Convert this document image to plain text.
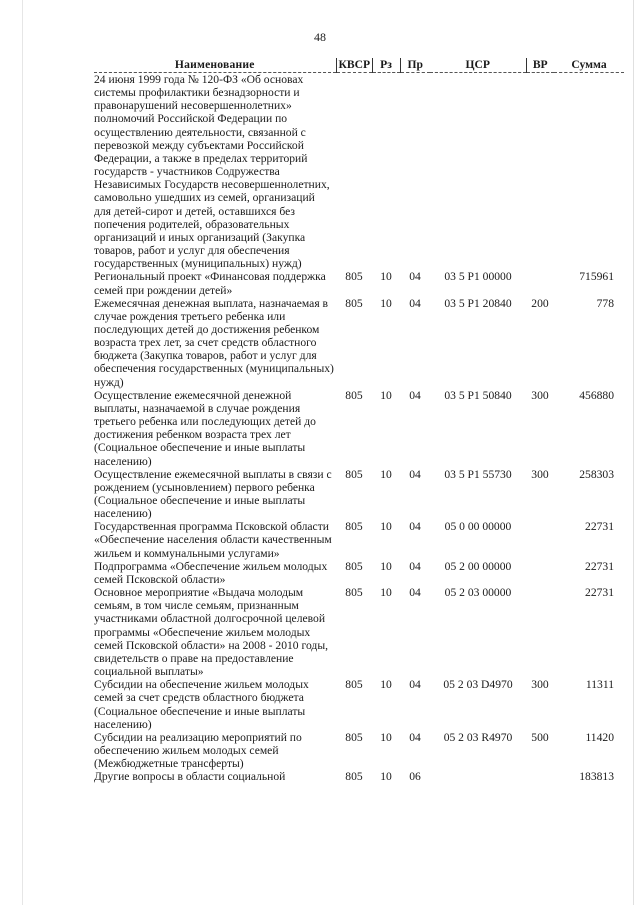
48
Наименование	КВСР	Рз	Пр	ЦСР	ВР	Сумма
24 июня 1999 года № 120-ФЗ «Об основах системы профилактики безнадзорности и правонарушений несовершеннолетних» полномочий Российской Федерации по осуществлению деятельности, связанной с перевозкой между субъектами Российской Федерации, а также в пределах территорий государств - участников Содружества Независимых Государств несовершеннолетних, самовольно ушедших из семей, организаций для детей-сирот и детей, оставшихся без попечения родителей, образовательных организаций и иных организаций (Закупка товаров, работ и услуг для обеспечения государственных (муниципальных) нужд)						
Региональный проект «Финансовая поддержка семей при рождении детей»	805	10	04	03 5 P1 00000		715961
Ежемесячная денежная выплата, назначаемая в случае рождения третьего ребенка или последующих детей до достижения ребенком возраста трех лет, за счет средств областного бюджета (Закупка товаров, работ и услуг для обеспечения государственных (муниципальных) нужд)	805	10	04	03 5 P1 20840	200	778
Осуществление ежемесячной денежной выплаты, назначаемой в случае рождения третьего ребенка или последующих детей до достижения ребенком возраста трех лет (Социальное обеспечение и иные выплаты населению)	805	10	04	03 5 P1 50840	300	456880
Осуществление ежемесячной выплаты в связи с рождением (усыновлением) первого ребенка (Социальное обеспечение и иные выплаты населению)	805	10	04	03 5 P1 55730	300	258303
Государственная программа Псковской области «Обеспечение населения области качественным жильем и коммунальными услугами»	805	10	04	05 0 00 00000		22731
Подпрограмма «Обеспечение жильем молодых семей Псковской области»	805	10	04	05 2 00 00000		22731
Основное мероприятие «Выдача молодым семьям, в том числе семьям, признанным участниками областной долгосрочной целевой программы «Обеспечение жильем молодых семей Псковской области» на 2008 - 2010 годы, свидетельств о праве на предоставление социальной выплаты»	805	10	04	05 2 03 00000		22731
Субсидии на обеспечение жильем молодых семей за счет средств областного бюджета (Социальное обеспечение и иные выплаты населению)	805	10	04	05 2 03 D4970	300	11311
Субсидии на реализацию мероприятий по обеспечению жильем молодых семей (Межбюджетные трансферты)	805	10	04	05 2 03 R4970	500	11420
Другие вопросы в области социальной	805	10	06			183813
